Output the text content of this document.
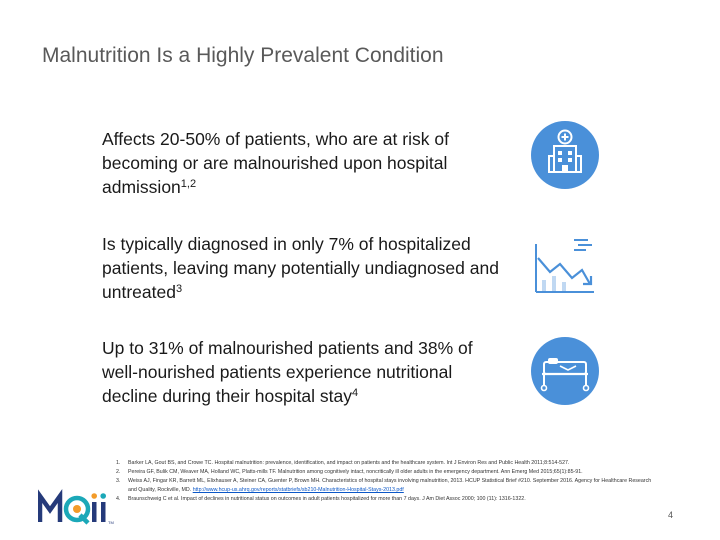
Malnutrition Is a Highly Prevalent Condition
Affects 20-50% of patients, who are at risk of becoming or are malnourished upon hospital admission$^{1,2}$
Is typically diagnosed in only 7% of hospitalized patients, leaving many potentially undiagnosed and untreated$^3$
Up to 31% of malnourished patients and 38% of well-nourished patients experience nutritional decline during their hospital stay$^4$
TM
1.	Barker LA, Gout BS, and Crowe TC. Hospital malnutrition: prevalence, identification, and impact on patients and the healthcare system. Int J Environ Res and Public Health 2011;8:514-527.
2.	Pereira GF, Bulik CM, Weaver MA, Holland WC, Platts-mills TF. Malnutrition among cognitively intact, noncritically ill older adults in the emergency department. Ann Emerg Med 2015;65(1):85-91.
3.	Weiss AJ, Fingar KR, Barrett ML, Elixhauser A, Steiner CA, Guenter P, Brown MH. Characteristics of hospital stays involving malnutrition, 2013. HCUP Statistical Brief #210. September 2016. Agency for Healthcare Research and Quality, Rockville, MD. http://www.hcup-us.ahrq.gov/reports/statbriefs/sb210-Malnutrition-Hospital-Stays-2013.pdf
4.	Braunschweig C et al. Impact of declines in nutritional status on outcomes in adult patients hospitalized for more than 7 days. J Am Diet Assoc 2000; 100 (11): 1316-1322.
4
